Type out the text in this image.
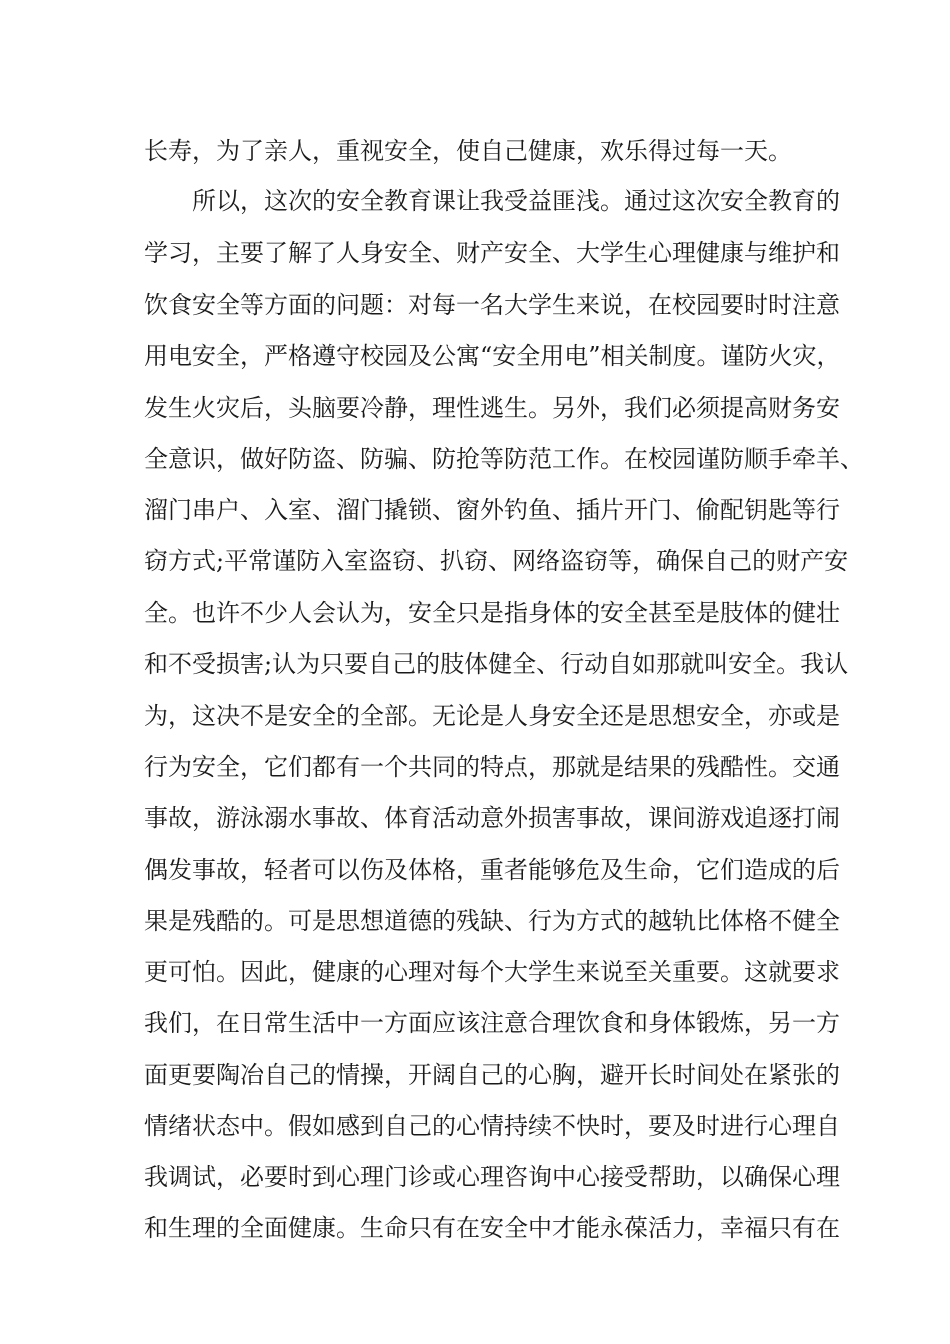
长寿，为了亲人，重视安全，使自己健康，欢乐得过每一天。

所以，这次的安全教育课让我受益匪浅。通过这次安全教育的

学习，主要了解了人身安全、财产安全、大学生心理健康与维护和

饮食安全等方面的问题：对每一名大学生来说，在校园要时时注意

用电安全，严格遵守校园及公寓“安全用电”相关制度。谨防火灾，

发生火灾后，头脑要冷静，理性逃生。另外，我们必须提高财务安

全意识，做好防盗、防骗、防抢等防范工作。在校园谨防顺手牵羊、

溜门串户、入室、溜门撬锁、窗外钓鱼、插片开门、偷配钥匙等行

窃方式;平常谨防入室盗窃、扒窃、网络盗窃等，确保自己的财产安

全。也许不少人会认为，安全只是指身体的安全甚至是肢体的健壮

和不受损害;认为只要自己的肢体健全、行动自如那就叫安全。我认

为，这决不是安全的全部。无论是人身安全还是思想安全，亦或是

行为安全，它们都有一个共同的特点，那就是结果的残酷性。交通

事故，游泳溺水事故、体育活动意外损害事故，课间游戏追逐打闹

偶发事故，轻者可以伤及体格，重者能够危及生命，它们造成的后

果是残酷的。可是思想道德的残缺、行为方式的越轨比体格不健全

更可怕。因此，健康的心理对每个大学生来说至关重要。这就要求

我们，在日常生活中一方面应该注意合理饮食和身体锻炼，另一方

面更要陶冶自己的情操，开阔自己的心胸，避开长时间处在紧张的

情绪状态中。假如感到自己的心情持续不快时，要及时进行心理自

我调试，必要时到心理门诊或心理咨询中心接受帮助，以确保心理

和生理的全面健康。生命只有在安全中才能永葆活力，幸福只有在
